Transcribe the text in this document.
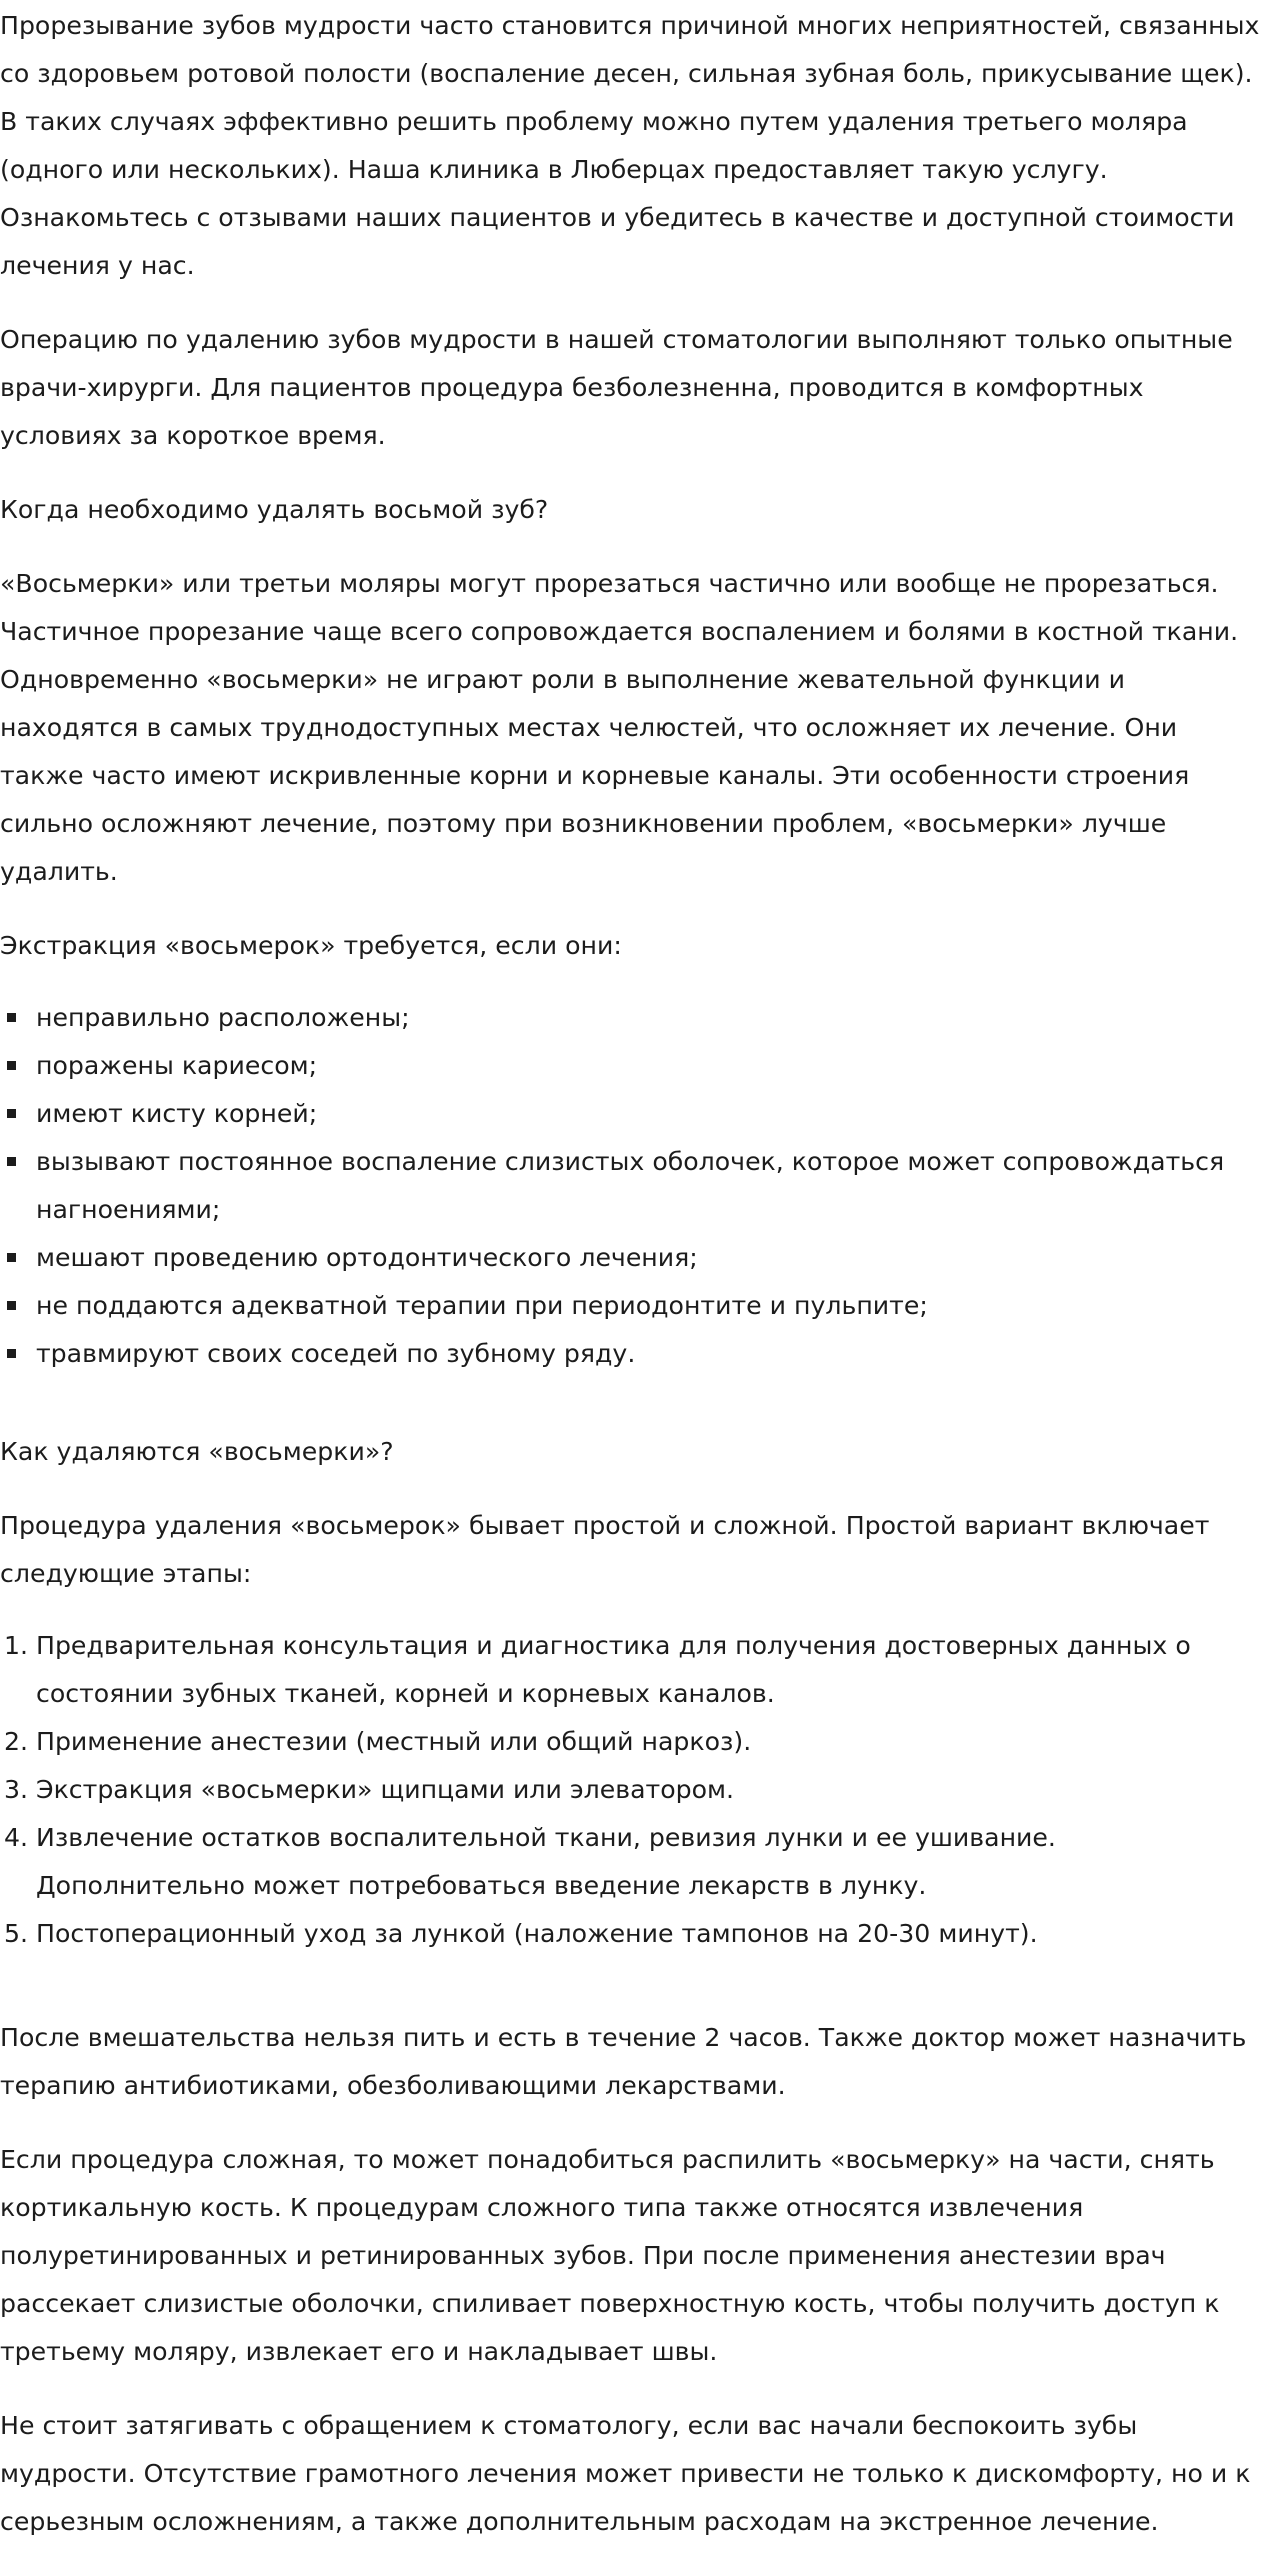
Прорезывание зубов мудрости часто становится причиной многих неприятностей, связанных со здоровьем ротовой полости (воспаление десен, сильная зубная боль, прикусывание щек). В таких случаях эффективно решить проблему можно путем удаления третьего моляра (одного или нескольких). Наша клиника в Люберцах предоставляет такую услугу. Ознакомьтесь с отзывами наших пациентов и убедитесь в качестве и доступной стоимости лечения у нас.

Операцию по удалению зубов мудрости в нашей стоматологии выполняют только опытные врачи-хирурги. Для пациентов процедура безболезненна, проводится в комфортных условиях за короткое время.

Когда необходимо удалять восьмой зуб?

«Восьмерки» или третьи моляры могут прорезаться частично или вообще не прорезаться. Частичное прорезание чаще всего сопровождается воспалением и болями в костной ткани. Одновременно «восьмерки» не играют роли в выполнение жевательной функции и находятся в самых труднодоступных местах челюстей, что осложняет их лечение. Они также часто имеют искривленные корни и корневые каналы. Эти особенности строения сильно осложняют лечение, поэтому при возникновении проблем, «восьмерки» лучше удалить.

Экстракция «восьмерок» требуется, если они:

неправильно расположены;
поражены кариесом;
имеют кисту корней;
вызывают постоянное воспаление слизистых оболочек, которое может сопровождаться нагноениями;
мешают проведению ортодонтического лечения;
не поддаются адекватной терапии при периодонтите и пульпите;
травмируют своих соседей по зубному ряду.

Как удаляются «восьмерки»?

Процедура удаления «восьмерок» бывает простой и сложной. Простой вариант включает следующие этапы:

1. Предварительная консультация и диагностика для получения достоверных данных о состоянии зубных тканей, корней и корневых каналов.
2. Применение анестезии (местный или общий наркоз).
3. Экстракция «восьмерки» щипцами или элеватором.
4. Извлечение остатков воспалительной ткани, ревизия лунки и ее ушивание. Дополнительно может потребоваться введение лекарств в лунку.
5. Постоперационный уход за лункой (наложение тампонов на 20-30 минут).

После вмешательства нельзя пить и есть в течение 2 часов. Также доктор может назначить терапию антибиотиками, обезболивающими лекарствами.

Если процедура сложная, то может понадобиться распилить «восьмерку» на части, снять кортикальную кость. К процедурам сложного типа также относятся извлечения полуретинированных и ретинированных зубов. При после применения анестезии врач рассекает слизистые оболочки, спиливает поверхностную кость, чтобы получить доступ к третьему моляру, извлекает его и накладывает швы.

Не стоит затягивать с обращением к стоматологу, если вас начали беспокоить зубы мудрости. Отсутствие грамотного лечения может привести не только к дискомфорту, но и к серьезным осложнениям, а также дополнительным расходам на экстренное лечение.
